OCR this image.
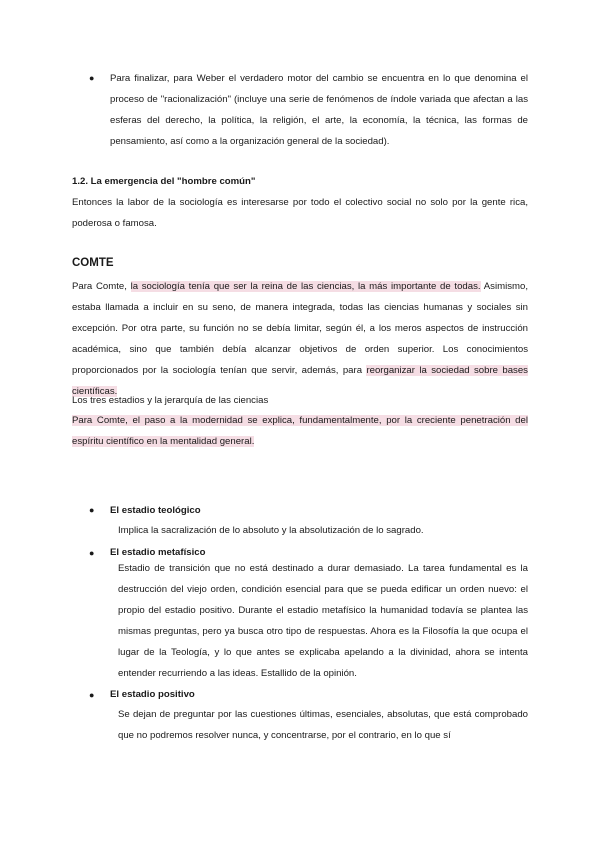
● Para finalizar, para Weber el verdadero motor del cambio se encuentra en lo que denomina el proceso de "racionalización" (incluye una serie de fenómenos de índole variada que afectan a las esferas del derecho, la política, la religión, el arte, la economía, la técnica, las formas de pensamiento, así como a la organización general de la sociedad).
1.2. La emergencia del "hombre común"
Entonces la labor de la sociología es interesarse por todo el colectivo social no solo por la gente rica, poderosa o famosa.
COMTE
Para Comte, la sociología tenía que ser la reina de las ciencias, la más importante de todas. Asimismo, estaba llamada a incluir en su seno, de manera integrada, todas las ciencias humanas y sociales sin excepción. Por otra parte, su función no se debía limitar, según él, a los meros aspectos de instrucción académica, sino que también debía alcanzar objetivos de orden superior. Los conocimientos proporcionados por la sociología tenían que servir, además, para reorganizar la sociedad sobre bases científicas.
Los tres estadios y la jerarquía de las ciencias
Para Comte, el paso a la modernidad se explica, fundamentalmente, por la creciente penetración del espíritu científico en la mentalidad general.
● El estadio teológico
Implica la sacralización de lo absoluto y la absolutización de lo sagrado.
● El estadio metafísico
Estadio de transición que no está destinado a durar demasiado. La tarea fundamental es la destrucción del viejo orden, condición esencial para que se pueda edificar un orden nuevo: el propio del estadio positivo. Durante el estadio metafísico la humanidad todavía se plantea las mismas preguntas, pero ya busca otro tipo de respuestas. Ahora es la Filosofía la que ocupa el lugar de la Teología, y lo que antes se explicaba apelando a la divinidad, ahora se intenta entender recurriendo a las ideas. Estallido de la opinión.
● El estadio positivo
Se dejan de preguntar por las cuestiones últimas, esenciales, absolutas, que está comprobado que no podremos resolver nunca, y concentrarse, por el contrario, en lo que sí
